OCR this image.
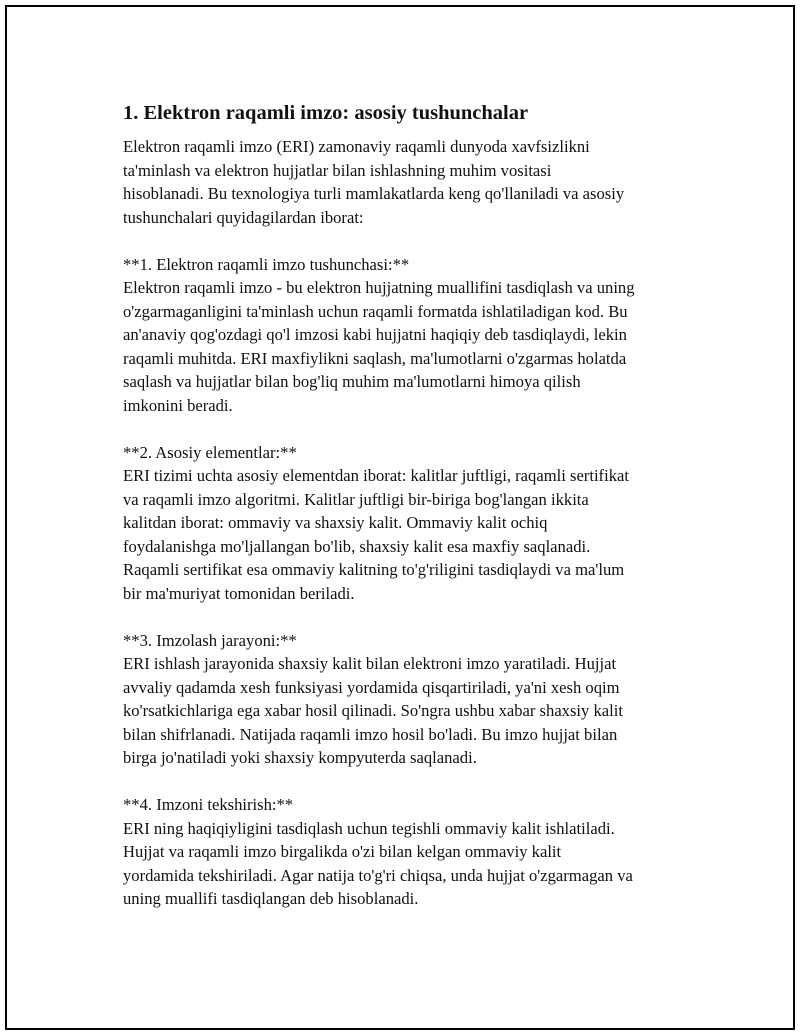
1. Elektron raqamli imzo: asosiy tushunchalar

Elektron raqamli imzo (ERI) zamonaviy raqamli dunyoda xavfsizlikni
ta'minlash va elektron hujjatlar bilan ishlashning muhim vositasi
hisoblanadi. Bu texnologiya turli mamlakatlarda keng qo'llaniladi va asosiy
tushunchalari quyidagilardan iborat:

**1. Elektron raqamli imzo tushunchasi:**
Elektron raqamli imzo - bu elektron hujjatning muallifini tasdiqlash va uning
o'zgarmaganligini ta'minlash uchun raqamli formatda ishlatiladigan kod. Bu
an'anaviy qog'ozdagi qo'l imzosi kabi hujjatni haqiqiy deb tasdiqlaydi, lekin
raqamli muhitda. ERI maxfiylikni saqlash, ma'lumotlarni o'zgarmas holatda
saqlash va hujjatlar bilan bog'liq muhim ma'lumotlarni himoya qilish
imkonini beradi.

**2. Asosiy elementlar:**
ERI tizimi uchta asosiy elementdan iborat: kalitlar juftligi, raqamli sertifikat
va raqamli imzo algoritmi. Kalitlar juftligi bir-biriga bog'langan ikkita
kalitdan iborat: ommaviy va shaxsiy kalit. Ommaviy kalit ochiq
foydalanishga mo'ljallangan bo'lib, shaxsiy kalit esa maxfiy saqlanadi.
Raqamli sertifikat esa ommaviy kalitning to'g'riligini tasdiqlaydi va ma'lum
bir ma'muriyat tomonidan beriladi.

**3. Imzolash jarayoni:**
ERI ishlash jarayonida shaxsiy kalit bilan elektroni imzo yaratiladi. Hujjat
avvaliy qadamda xesh funksiyasi yordamida qisqartiriladi, ya'ni xesh oqim
ko'rsatkichlariga ega xabar hosil qilinadi. So'ngra ushbu xabar shaxsiy kalit
bilan shifrlanadi. Natijada raqamli imzo hosil bo'ladi. Bu imzo hujjat bilan
birga jo'natiladi yoki shaxsiy kompyuterda saqlanadi.

**4. Imzoni tekshirish:**
ERI ning haqiqiyligini tasdiqlash uchun tegishli ommaviy kalit ishlatiladi.
Hujjat va raqamli imzo birgalikda o'zi bilan kelgan ommaviy kalit
yordamida tekshiriladi. Agar natija to'g'ri chiqsa, unda hujjat o'zgarmagan va
uning muallifi tasdiqlangan deb hisoblanadi.
